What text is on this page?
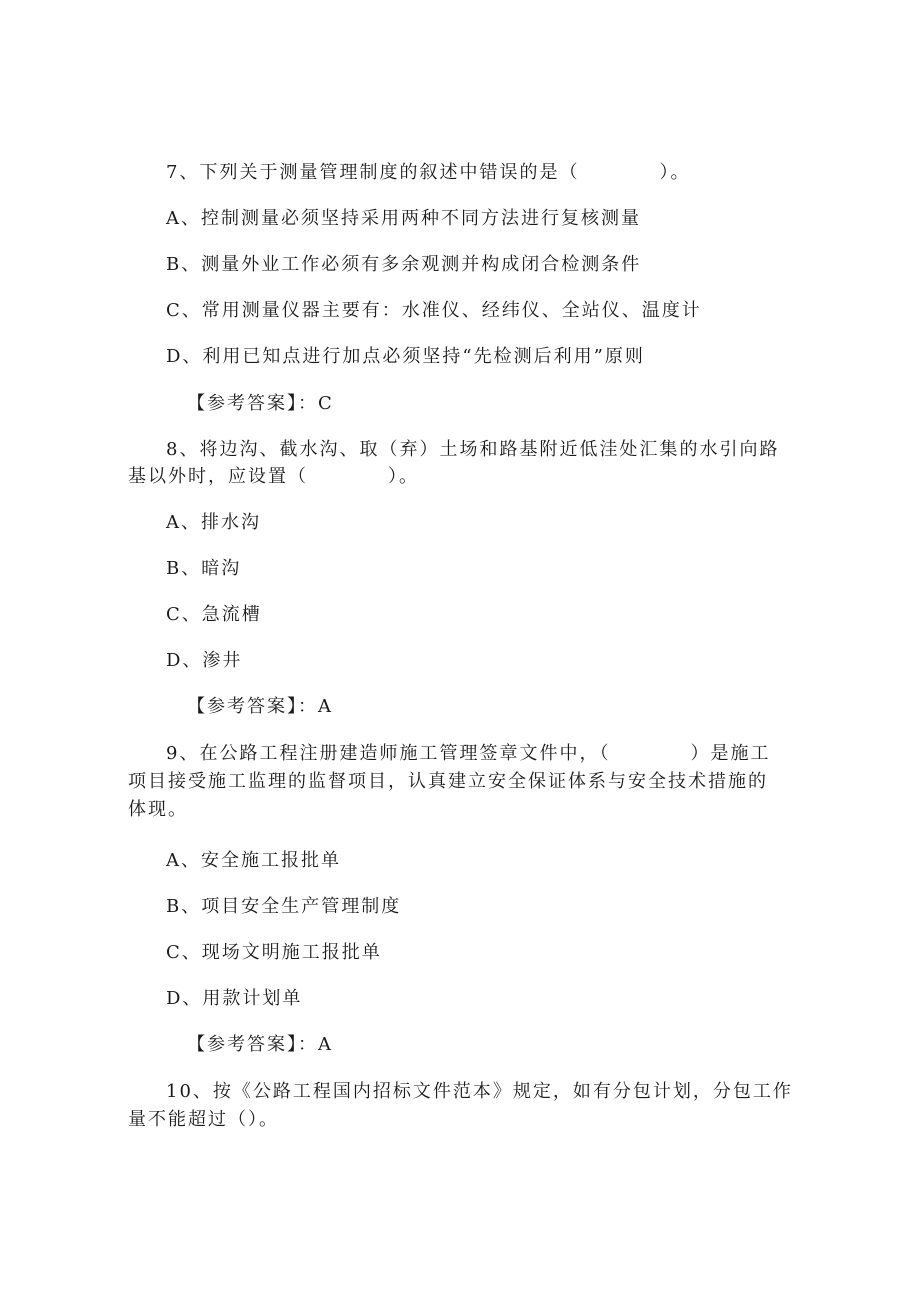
7、下列关于测量管理制度的叙述中错误的是（　　　　）。
A、控制测量必须坚持采用两种不同方法进行复核测量
B、测量外业工作必须有多余观测并构成闭合检测条件
C、常用测量仪器主要有：水准仪、经纬仪、全站仪、温度计
D、利用已知点进行加点必须坚持“先检测后利用”原则
【参考答案】：C
8、将边沟、截水沟、取（弃）土场和路基附近低洼处汇集的水引向路
基以外时，应设置（　　　　）。
A、排水沟
B、暗沟
C、急流槽
D、渗井
【参考答案】：A
9、在公路工程注册建造师施工管理签章文件中，（　　　　）是施工
项目接受施工监理的监督项目，认真建立安全保证体系与安全技术措施的
体现。
A、安全施工报批单
B、项目安全生产管理制度
C、现场文明施工报批单
D、用款计划单
【参考答案】：A
10、按《公路工程国内招标文件范本》规定，如有分包计划，分包工作
量不能超过（）。
